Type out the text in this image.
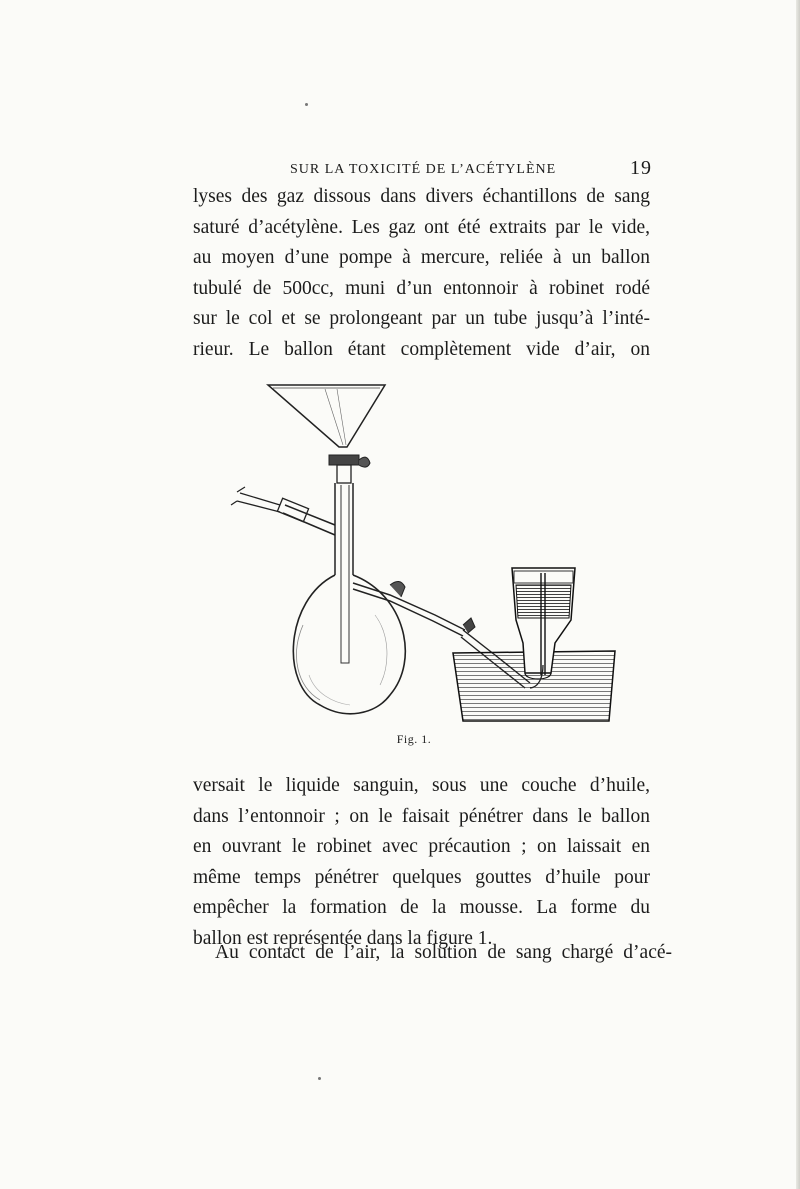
SUR LA TOXICITÉ DE L’ACÉTYLÈNE	19
lyses des gaz dissous dans divers échantillons de sang
saturé d’acétylène. Les gaz ont été extraits par le vide,
au moyen d’une pompe à mercure, reliée à un ballon
tubulé de 500cc, muni d’un entonnoir à robinet rodé
sur le col et se prolongeant par un tube jusqu’à l’inté-
rieur. Le ballon étant complètement vide d’air, on
Fig. 1.
versait le liquide sanguin, sous une couche d’huile,
dans l’entonnoir ; on le faisait pénétrer dans le ballon
en ouvrant le robinet avec précaution ; on laissait en
même temps pénétrer quelques gouttes d’huile pour
empêcher la formation de la mousse. La forme du
ballon est représentée dans la figure 1.
Au contact de l’air, la solution de sang chargé d’acé-
